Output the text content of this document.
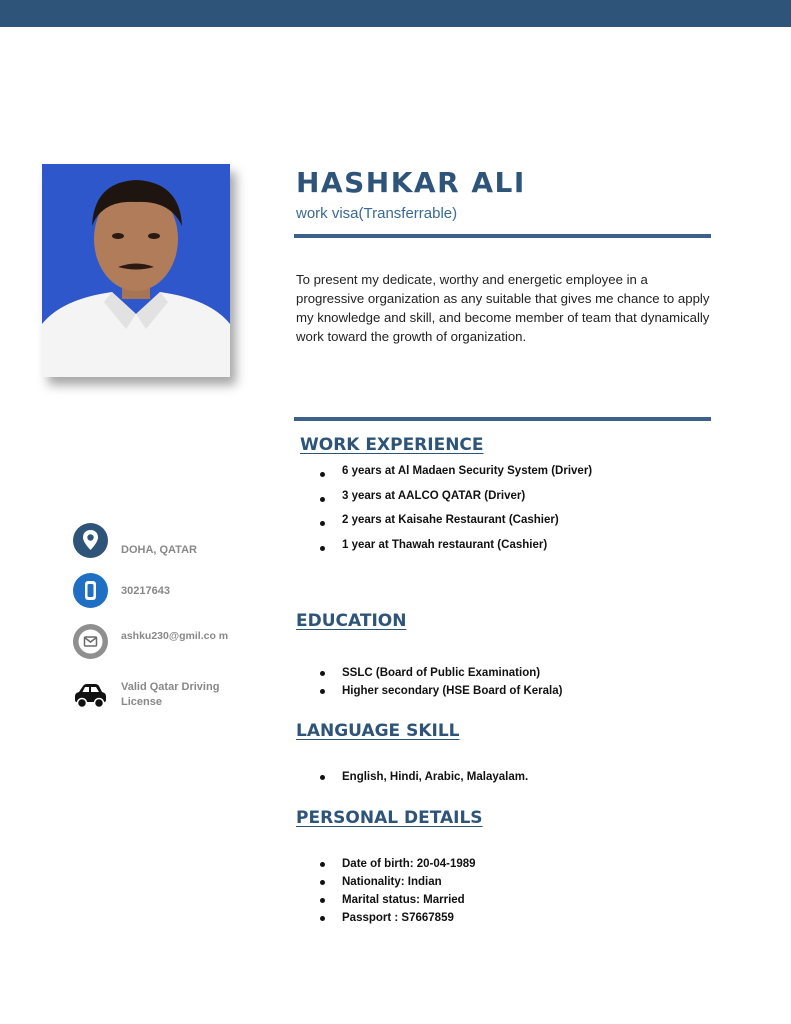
HASHKAR ALI
work visa(Transferrable)
To present my dedicate, worthy and energetic employee in a progressive organization as any suitable that gives me chance to apply my knowledge and skill, and become member of team that dynamically work toward the growth of organization.
WORK EXPERIENCE
6 years at Al Madaen Security System (Driver)
3 years at AALCO QATAR (Driver)
2 years at Kaisahe Restaurant (Cashier)
1 year at Thawah restaurant (Cashier)
EDUCATION
SSLC (Board of Public Examination)
Higher secondary (HSE Board of Kerala)
LANGUAGE SKILL
English, Hindi, Arabic, Malayalam.
PERSONAL DETAILS
Date of birth: 20-04-1989
Nationality: Indian
Marital status: Married
Passport : S7667859
DOHA, QATAR
30217643
ashku230@gmil.co m
Valid Qatar Driving License
